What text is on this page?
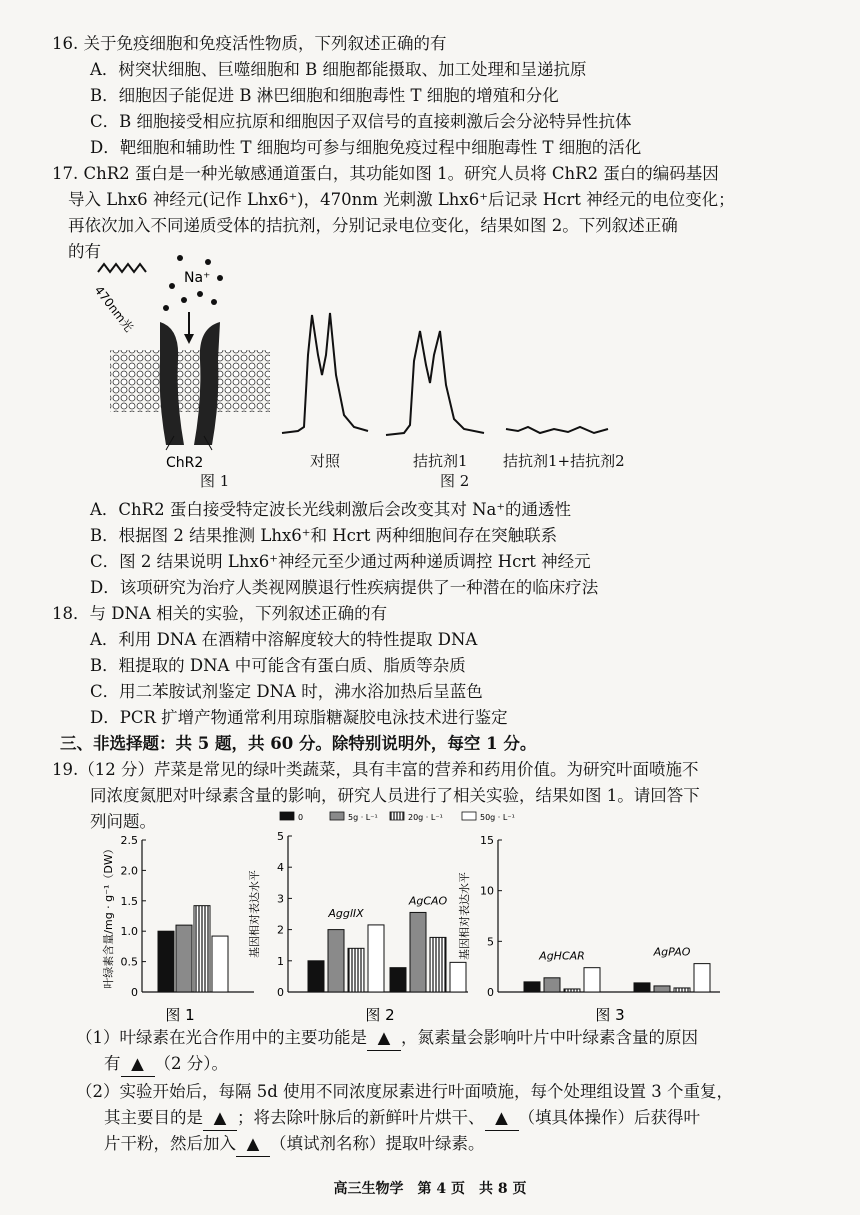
16. 关于免疫细胞和免疫活性物质，下列叙述正确的有
A．树突状细胞、巨噬细胞和 B 细胞都能摄取、加工处理和呈递抗原
B．细胞因子能促进 B 淋巴细胞和细胞毒性 T 细胞的增殖和分化
C．B 细胞接受相应抗原和细胞因子双信号的直接刺激后会分泌特异性抗体
D．靶细胞和辅助性 T 细胞均可参与细胞免疫过程中细胞毒性 T 细胞的活化
17. ChR2 蛋白是一种光敏感通道蛋白，其功能如图 1。研究人员将 ChR2 蛋白的编码基因
导入 Lhx6 神经元(记作 Lhx6⁺)，470nm 光刺激 Lhx6⁺后记录 Hcrt 神经元的电位变化；
再依次加入不同递质受体的拮抗剂，分别记录电位变化，结果如图 2。下列叙述正确
的有
Na⁺
470nm光
ChR2
图 1
对照	拮抗剂1 拮抗剂1+拮抗剂2
图 2
A．ChR2 蛋白接受特定波长光线刺激后会改变其对 Na⁺的通透性
B．根据图 2 结果推测 Lhx6⁺和 Hcrt 两种细胞间存在突触联系
C．图 2 结果说明 Lhx6⁺神经元至少通过两种递质调控 Hcrt 神经元
D．该项研究为治疗人类视网膜退行性疾病提供了一种潜在的临床疗法
18．与 DNA 相关的实验，下列叙述正确的有
A．利用 DNA 在酒精中溶解度较大的特性提取 DNA
B．粗提取的 DNA 中可能含有蛋白质、脂质等杂质
C．用二苯胺试剂鉴定 DNA 时，沸水浴加热后呈蓝色
D．PCR 扩增产物通常利用琼脂糖凝胶电泳技术进行鉴定
三、非选择题：共 5 题，共 60 分。除特别说明外，每空 1 分。
19.（12 分）芹菜是常见的绿叶类蔬菜，具有丰富的营养和药用价值。为研究叶面喷施不
同浓度氮肥对叶绿素含量的影响，研究人员进行了相关实验，结果如图 1。请回答下
列问题。	0	5g · L⁻¹	20g · L⁻¹	50g · L⁻¹
0
0.5
1.0
1.5
2.0
2.5
叶绿素含量/mg · g⁻¹（DW）
图 1
0
1
2
3
4
5
基因相对表达水平	AgglIX
AgCAO
图 2
0
5
10
15
基因相对表达水平	AgHCAR	AgPAO
图 3
（1）叶绿素在光合作用中的主要功能是 ▲ ，氮素量会影响叶片中叶绿素含量的原因
有 ▲ （2 分）。
（2）实验开始后，每隔 5d 使用不同浓度尿素进行叶面喷施，每个处理组设置 3 个重复，
其主要目的是 ▲ ；将去除叶脉后的新鲜叶片烘干、 ▲ （填具体操作）后获得叶
片干粉，然后加入 ▲ （填试剂名称）提取叶绿素。
高三生物学　第 4 页　共 8 页
